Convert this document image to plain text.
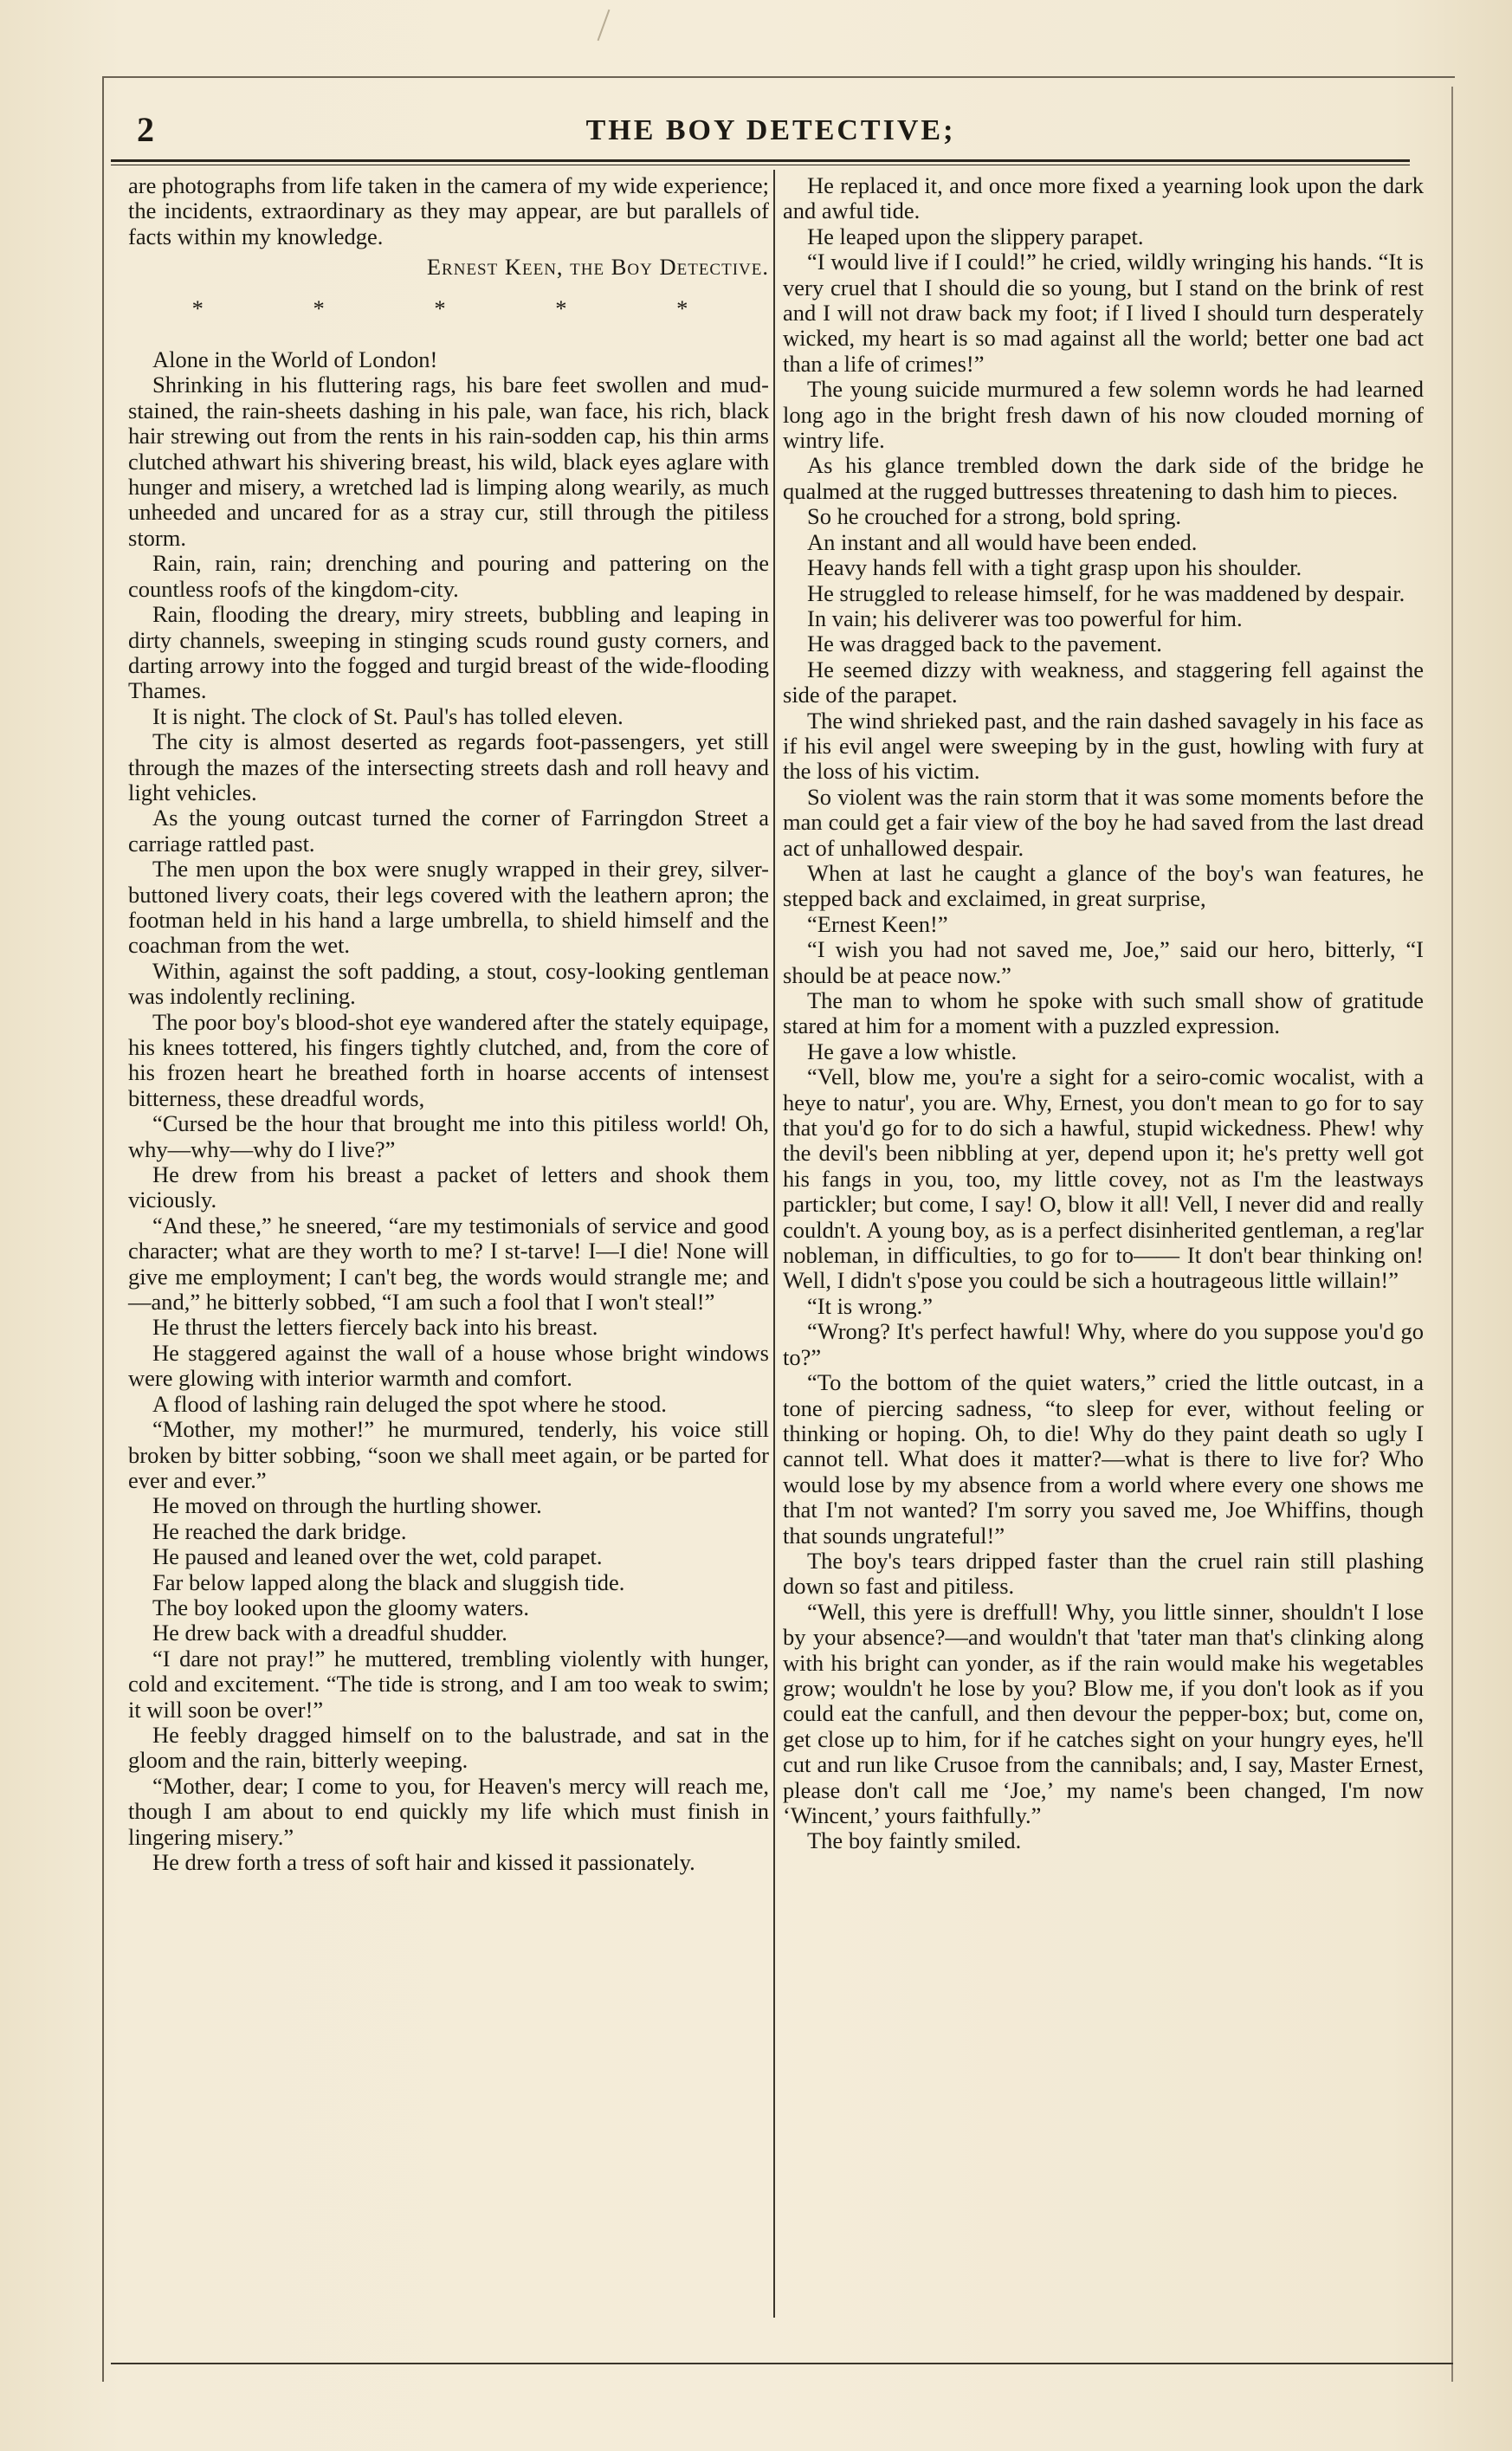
2	THE BOY DETECTIVE;

are photographs from life taken in the camera of my wide experience; the incidents, extraordinary as they may appear, are but parallels of facts within my knowledge.

Ernest Keen, the Boy Detective.

* * * * *

Alone in the World of London!

Shrinking in his fluttering rags, his bare feet swollen and mud-stained, the rain-sheets dashing in his pale, wan face, his rich, black hair strewing out from the rents in his rain-sodden cap, his thin arms clutched athwart his shivering breast, his wild, black eyes aglare with hunger and misery, a wretched lad is limping along wearily, as much unheeded and uncared for as a stray cur, still through the pitiless storm.

Rain, rain, rain; drenching and pouring and pattering on the countless roofs of the kingdom-city.

Rain, flooding the dreary, miry streets, bubbling and leaping in dirty channels, sweeping in stinging scuds round gusty corners, and darting arrowy into the fogged and turgid breast of the wide-flooding Thames.

It is night. The clock of St. Paul's has tolled eleven.

The city is almost deserted as regards foot-passengers, yet still through the mazes of the intersecting streets dash and roll heavy and light vehicles.

As the young outcast turned the corner of Farringdon Street a carriage rattled past.

The men upon the box were snugly wrapped in their grey, silver-buttoned livery coats, their legs covered with the leathern apron; the footman held in his hand a large umbrella, to shield himself and the coachman from the wet.

Within, against the soft padding, a stout, cosy-looking gentleman was indolently reclining.

The poor boy's blood-shot eye wandered after the stately equipage, his knees tottered, his fingers tightly clutched, and, from the core of his frozen heart he breathed forth in hoarse accents of intensest bitterness, these dreadful words,

“Cursed be the hour that brought me into this pitiless world! Oh, why—why—why do I live?”

He drew from his breast a packet of letters and shook them viciously.

“And these,” he sneered, “are my testimonials of service and good character; what are they worth to me? I st-tarve! I—I die! None will give me employment; I can't beg, the words would strangle me; and—and,” he bitterly sobbed, “I am such a fool that I won't steal!”

He thrust the letters fiercely back into his breast.

He staggered against the wall of a house whose bright windows were glowing with interior warmth and comfort.

A flood of lashing rain deluged the spot where he stood.

“Mother, my mother!” he murmured, tenderly, his voice still broken by bitter sobbing, “soon we shall meet again, or be parted for ever and ever.”

He moved on through the hurtling shower.

He reached the dark bridge.

He paused and leaned over the wet, cold parapet.

Far below lapped along the black and sluggish tide.

The boy looked upon the gloomy waters.

He drew back with a dreadful shudder.

“I dare not pray!” he muttered, trembling violently with hunger, cold and excitement. “The tide is strong, and I am too weak to swim; it will soon be over!”

He feebly dragged himself on to the balustrade, and sat in the gloom and the rain, bitterly weeping.

“Mother, dear; I come to you, for Heaven's mercy will reach me, though I am about to end quickly my life which must finish in lingering misery.”

He drew forth a tress of soft hair and kissed it passionately.

He replaced it, and once more fixed a yearning look upon the dark and awful tide.

He leaped upon the slippery parapet.

“I would live if I could!” he cried, wildly wringing his hands. “It is very cruel that I should die so young, but I stand on the brink of rest and I will not draw back my foot; if I lived I should turn desperately wicked, my heart is so mad against all the world; better one bad act than a life of crimes!”

The young suicide murmured a few solemn words he had learned long ago in the bright fresh dawn of his now clouded morning of wintry life.

As his glance trembled down the dark side of the bridge he qualmed at the rugged buttresses threatening to dash him to pieces.

So he crouched for a strong, bold spring.

An instant and all would have been ended.

Heavy hands fell with a tight grasp upon his shoulder.

He struggled to release himself, for he was maddened by despair.

In vain; his deliverer was too powerful for him.

He was dragged back to the pavement.

He seemed dizzy with weakness, and staggering fell against the side of the parapet.

The wind shrieked past, and the rain dashed savagely in his face as if his evil angel were sweeping by in the gust, howling with fury at the loss of his victim.

So violent was the rain storm that it was some moments before the man could get a fair view of the boy he had saved from the last dread act of unhallowed despair.

When at last he caught a glance of the boy's wan features, he stepped back and exclaimed, in great surprise,

“Ernest Keen!”

“I wish you had not saved me, Joe,” said our hero, bitterly, “I should be at peace now.”

The man to whom he spoke with such small show of gratitude stared at him for a moment with a puzzled expression.

He gave a low whistle.

“Vell, blow me, you're a sight for a seiro-comic wocalist, with a heye to natur', you are. Why, Ernest, you don't mean to go for to say that you'd go for to do sich a hawful, stupid wickedness. Phew! why the devil's been nibbling at yer, depend upon it; he's pretty well got his fangs in you, too, my little covey, not as I'm the leastways partickler; but come, I say! O, blow it all! Vell, I never did and really couldn't. A young boy, as is a perfect disinherited gentleman, a reg'lar nobleman, in difficulties, to go for to—— It don't bear thinking on! Well, I didn't s'pose you could be sich a houtrageous little willain!”

“It is wrong.”

“Wrong? It's perfect hawful! Why, where do you suppose you'd go to?”

“To the bottom of the quiet waters,” cried the little outcast, in a tone of piercing sadness, “to sleep for ever, without feeling or thinking or hoping. Oh, to die! Why do they paint death so ugly I cannot tell. What does it matter?—what is there to live for? Who would lose by my absence from a world where every one shows me that I'm not wanted? I'm sorry you saved me, Joe Whiffins, though that sounds ungrateful!”

The boy's tears dripped faster than the cruel rain still plashing down so fast and pitiless.

“Well, this yere is dreffull! Why, you little sinner, shouldn't I lose by your absence?—and wouldn't that 'tater man that's clinking along with his bright can yonder, as if the rain would make his wegetables grow; wouldn't he lose by you? Blow me, if you don't look as if you could eat the canfull, and then devour the pepper-box; but, come on, get close up to him, for if he catches sight on your hungry eyes, he'll cut and run like Crusoe from the cannibals; and, I say, Master Ernest, please don't call me ‘Joe,’ my name's been changed, I'm now ‘Wincent,’ yours faithfully.”

The boy faintly smiled.
